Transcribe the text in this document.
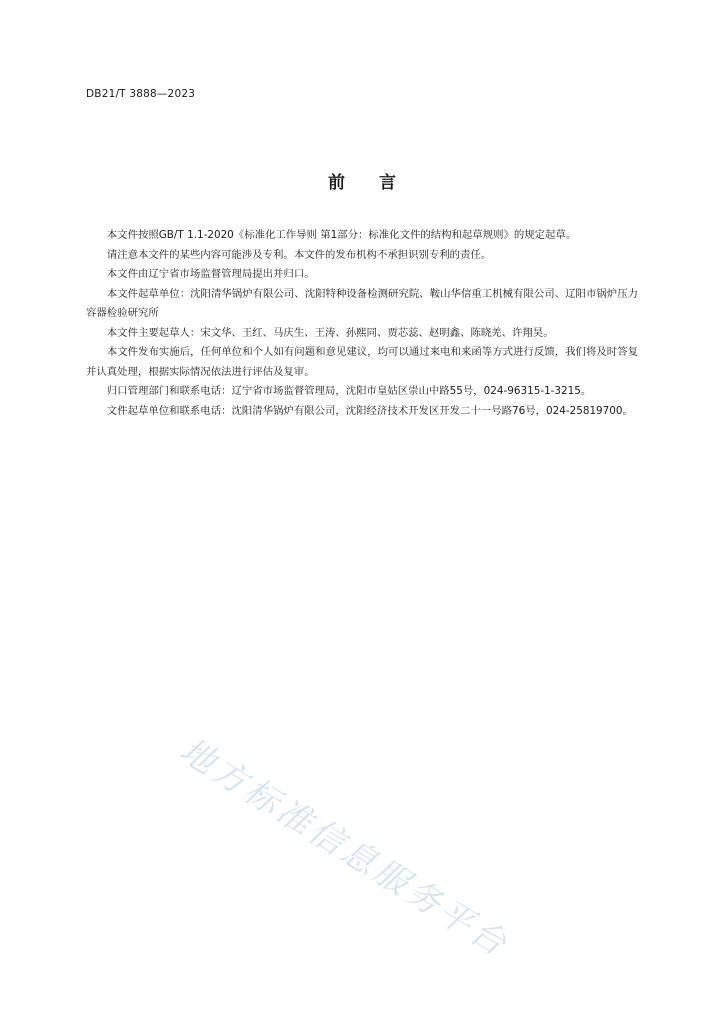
DB21/T 3888—2023
前言

本文件按照GB/T 1.1-2020《标准化工作导则 第1部分：标准化文件的结构和起草规则》的规定起草。

请注意本文件的某些内容可能涉及专利。本文件的发布机构不承担识别专利的责任。

本文件由辽宁省市场监督管理局提出并归口。

本文件起草单位：沈阳清华锅炉有限公司、沈阳特种设备检测研究院、鞍山华信重工机械有限公司、辽阳市锅炉压力容器检验研究所

本文件主要起草人：宋文华、王红、马庆生、王涛、孙熙同、贾芯蕊、赵明鑫、陈晓羌、许翔昊。

本文件发布实施后，任何单位和个人如有问题和意见建议，均可以通过来电和来函等方式进行反馈，我们将及时答复并认真处理，根据实际情况依法进行评估及复审。

归口管理部门和联系电话：辽宁省市场监督管理局，沈阳市皇姑区崇山中路55号，024-96315-1-3215。

文件起草单位和联系电话：沈阳清华锅炉有限公司，沈阳经济技术开发区开发二十一号路76号，024-25819700。

地方标准信息服务平台
